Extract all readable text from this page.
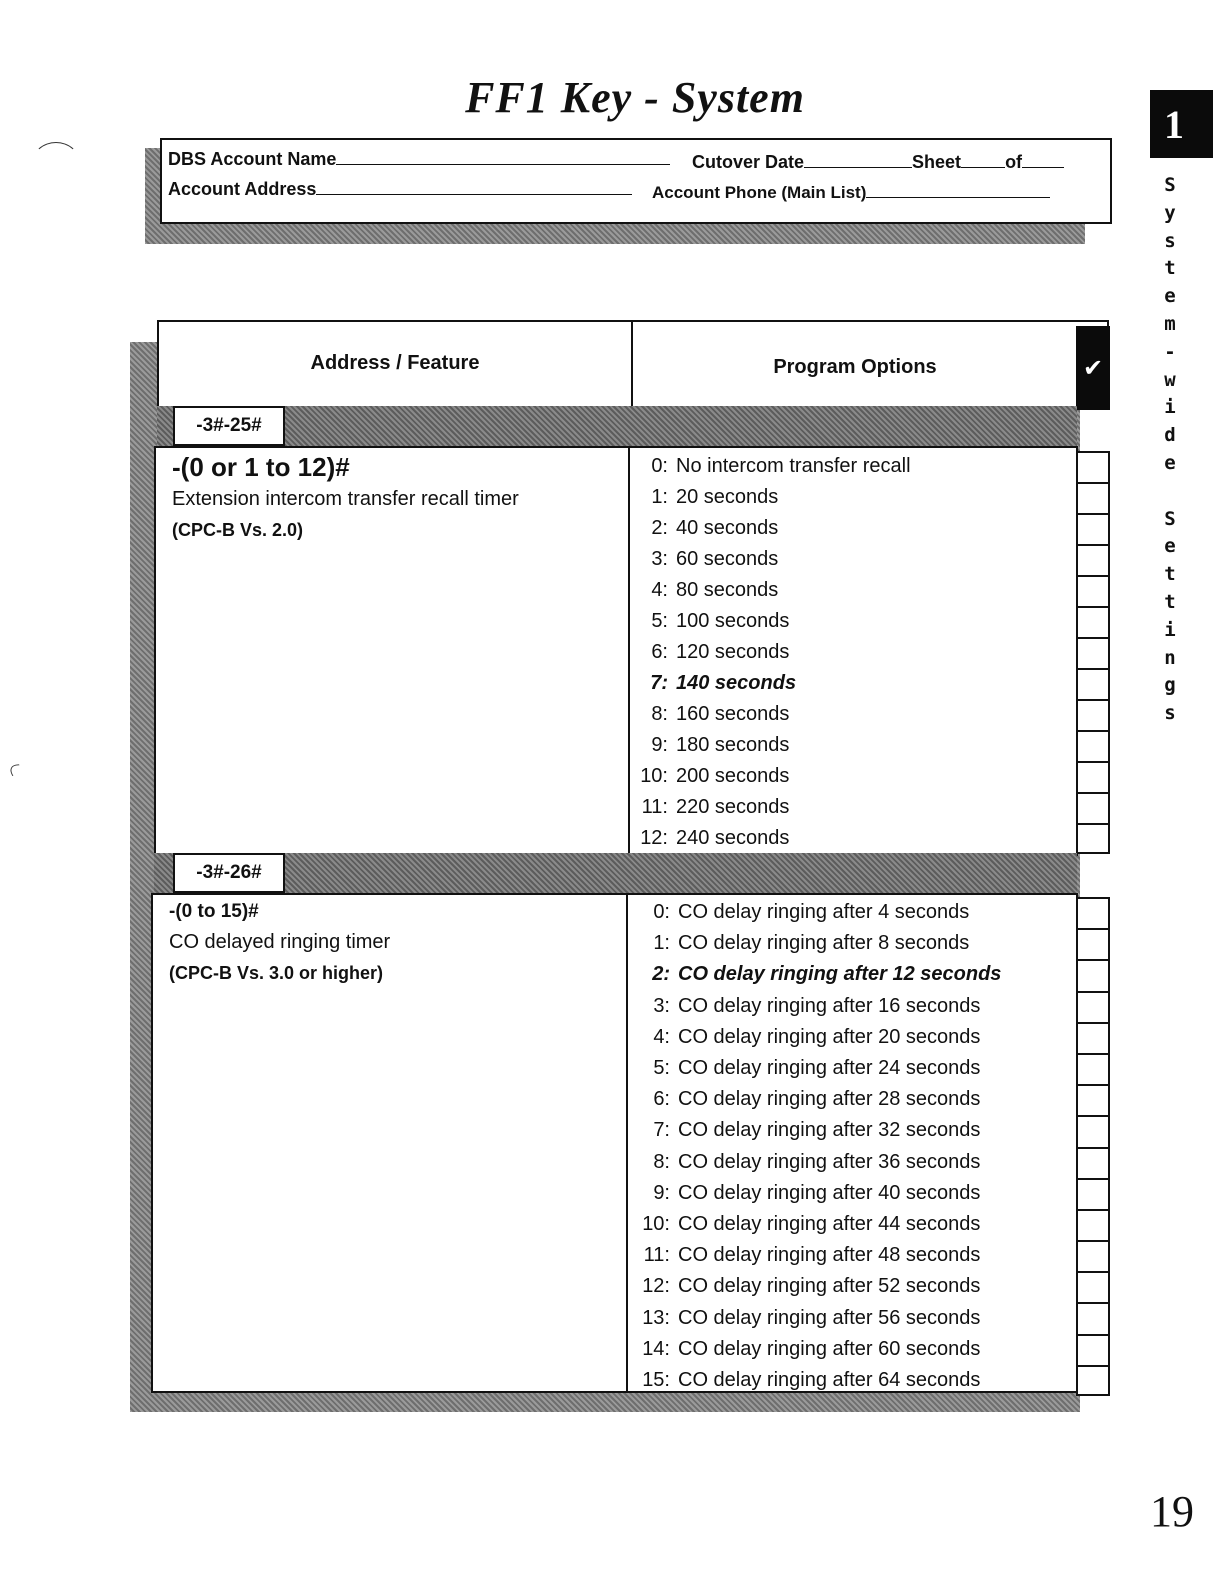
FF1 Key - System
DBS Account Name	Cutover Date	Sheet of
Account Address	Account Phone (Main List)
1
S
y
s
t
e
m
-
w
i
d
e

S
e
t
t
i
n
g
s
Address / Feature	Program Options	✔
-3#-25#
-(0 or 1 to 12)#
Extension intercom transfer recall timer
(CPC-B Vs. 2.0)
0: No intercom transfer recall
1: 20 seconds
2: 40 seconds
3: 60 seconds
4: 80 seconds
5: 100 seconds
6: 120 seconds
7: 140 seconds
8: 160 seconds
9: 180 seconds
10: 200 seconds
11: 220 seconds
12: 240 seconds
-3#-26#
-(0 to 15)#
CO delayed ringing timer
(CPC-B Vs. 3.0 or higher)
0: CO delay ringing after 4 seconds
1: CO delay ringing after 8 seconds
2: CO delay ringing after 12 seconds
3: CO delay ringing after 16 seconds
4: CO delay ringing after 20 seconds
5: CO delay ringing after 24 seconds
6: CO delay ringing after 28 seconds
7: CO delay ringing after 32 seconds
8: CO delay ringing after 36 seconds
9: CO delay ringing after 40 seconds
10: CO delay ringing after 44 seconds
11: CO delay ringing after 48 seconds
12: CO delay ringing after 52 seconds
13: CO delay ringing after 56 seconds
14: CO delay ringing after 60 seconds
15: CO delay ringing after 64 seconds
19
